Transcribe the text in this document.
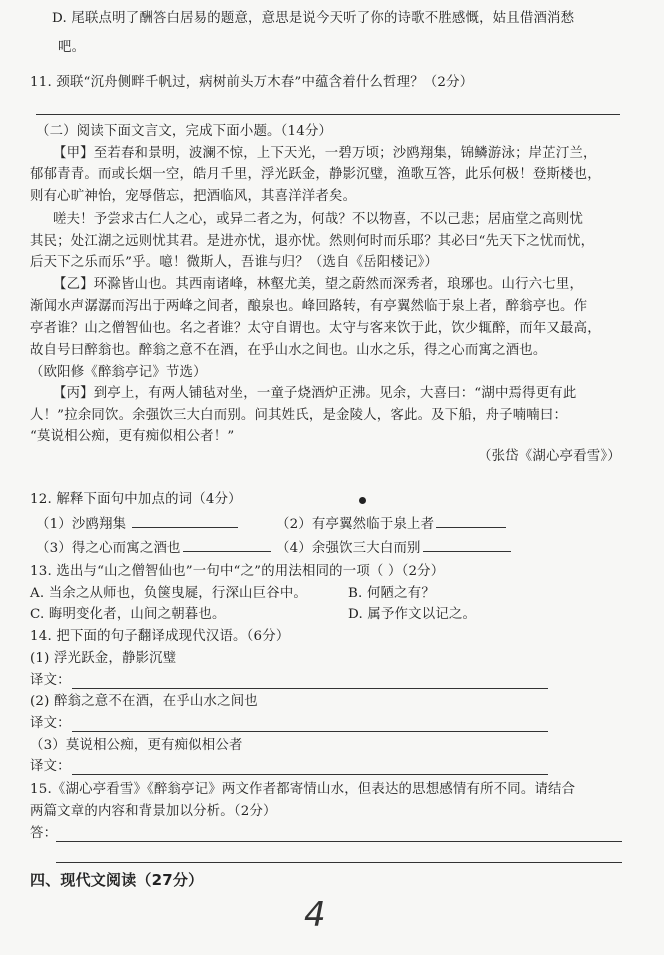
D. 尾联点明了酬答白居易的题意，意思是说今天听了你的诗歌不胜感慨，姑且借酒消愁
吧。
11. 颈联“沉舟侧畔千帆过，病树前头万木春”中蕴含着什么哲理？（2分）
（二）阅读下面文言文，完成下面小题。（14分）
【甲】至若春和景明，波澜不惊，上下天光，一碧万顷；沙鸥翔集，锦鳞游泳；岸芷汀兰，
郁郁青青。而或长烟一空，皓月千里，浮光跃金，静影沉璧，渔歌互答，此乐何极！登斯楼也，
则有心旷神怡，宠辱偕忘，把酒临风，其喜洋洋者矣。
嗟夫！予尝求古仁人之心，或异二者之为，何哉？不以物喜，不以己悲；居庙堂之高则忧
其民；处江湖之远则忧其君。是进亦忧，退亦忧。然则何时而乐耶？其必曰“先天下之忧而忧，
后天下之乐而乐”乎。噫！微斯人，吾谁与归？（选自《岳阳楼记》）
【乙】环滁皆山也。其西南诸峰，林壑尤美，望之蔚然而深秀者，琅琊也。山行六七里，
渐闻水声潺潺而泻出于两峰之间者，酿泉也。峰回路转，有亭翼然临于泉上者，醉翁亭也。作
亭者谁？山之僧智仙也。名之者谁？太守自谓也。太守与客来饮于此，饮少辄醉，而年又最高，
故自号曰醉翁也。醉翁之意不在酒，在乎山水之间也。山水之乐，得之心而寓之酒也。
（欧阳修《醉翁亭记》节选）
【丙】到亭上，有两人铺毡对坐，一童子烧酒炉正沸。见余，大喜曰：“湖中焉得更有此
人！”拉余同饮。余强饮三大白而别。问其姓氏，是金陵人，客此。及下船，舟子喃喃曰：
“莫说相公痴，更有痴似相公者！”
（张岱《湖心亭看雪》）
12. 解释下面句中加点的词（4分）
（1）沙鸥翔集	（2）有亭翼然临于泉上者
（3）得之心而寓之酒也	（4）余强饮三大白而别
13. 选出与“山之僧智仙也”一句中“之”的用法相同的一项（ ）（2分）
A. 当余之从师也，负箧曳屣，行深山巨谷中。	B. 何陋之有？
C. 晦明变化者，山间之朝暮也。	D. 属予作文以记之。
14. 把下面的句子翻译成现代汉语。（6分）
(1) 浮光跃金，静影沉璧
译文：
(2) 醉翁之意不在酒，在乎山水之间也
译文：
（3）莫说相公痴，更有痴似相公者
译文：
15.《湖心亭看雪》《醉翁亭记》两文作者都寄情山水，但表达的思想感情有所不同。请结合
两篇文章的内容和背景加以分析。（2分）
答：
四、现代文阅读（27分）
4
